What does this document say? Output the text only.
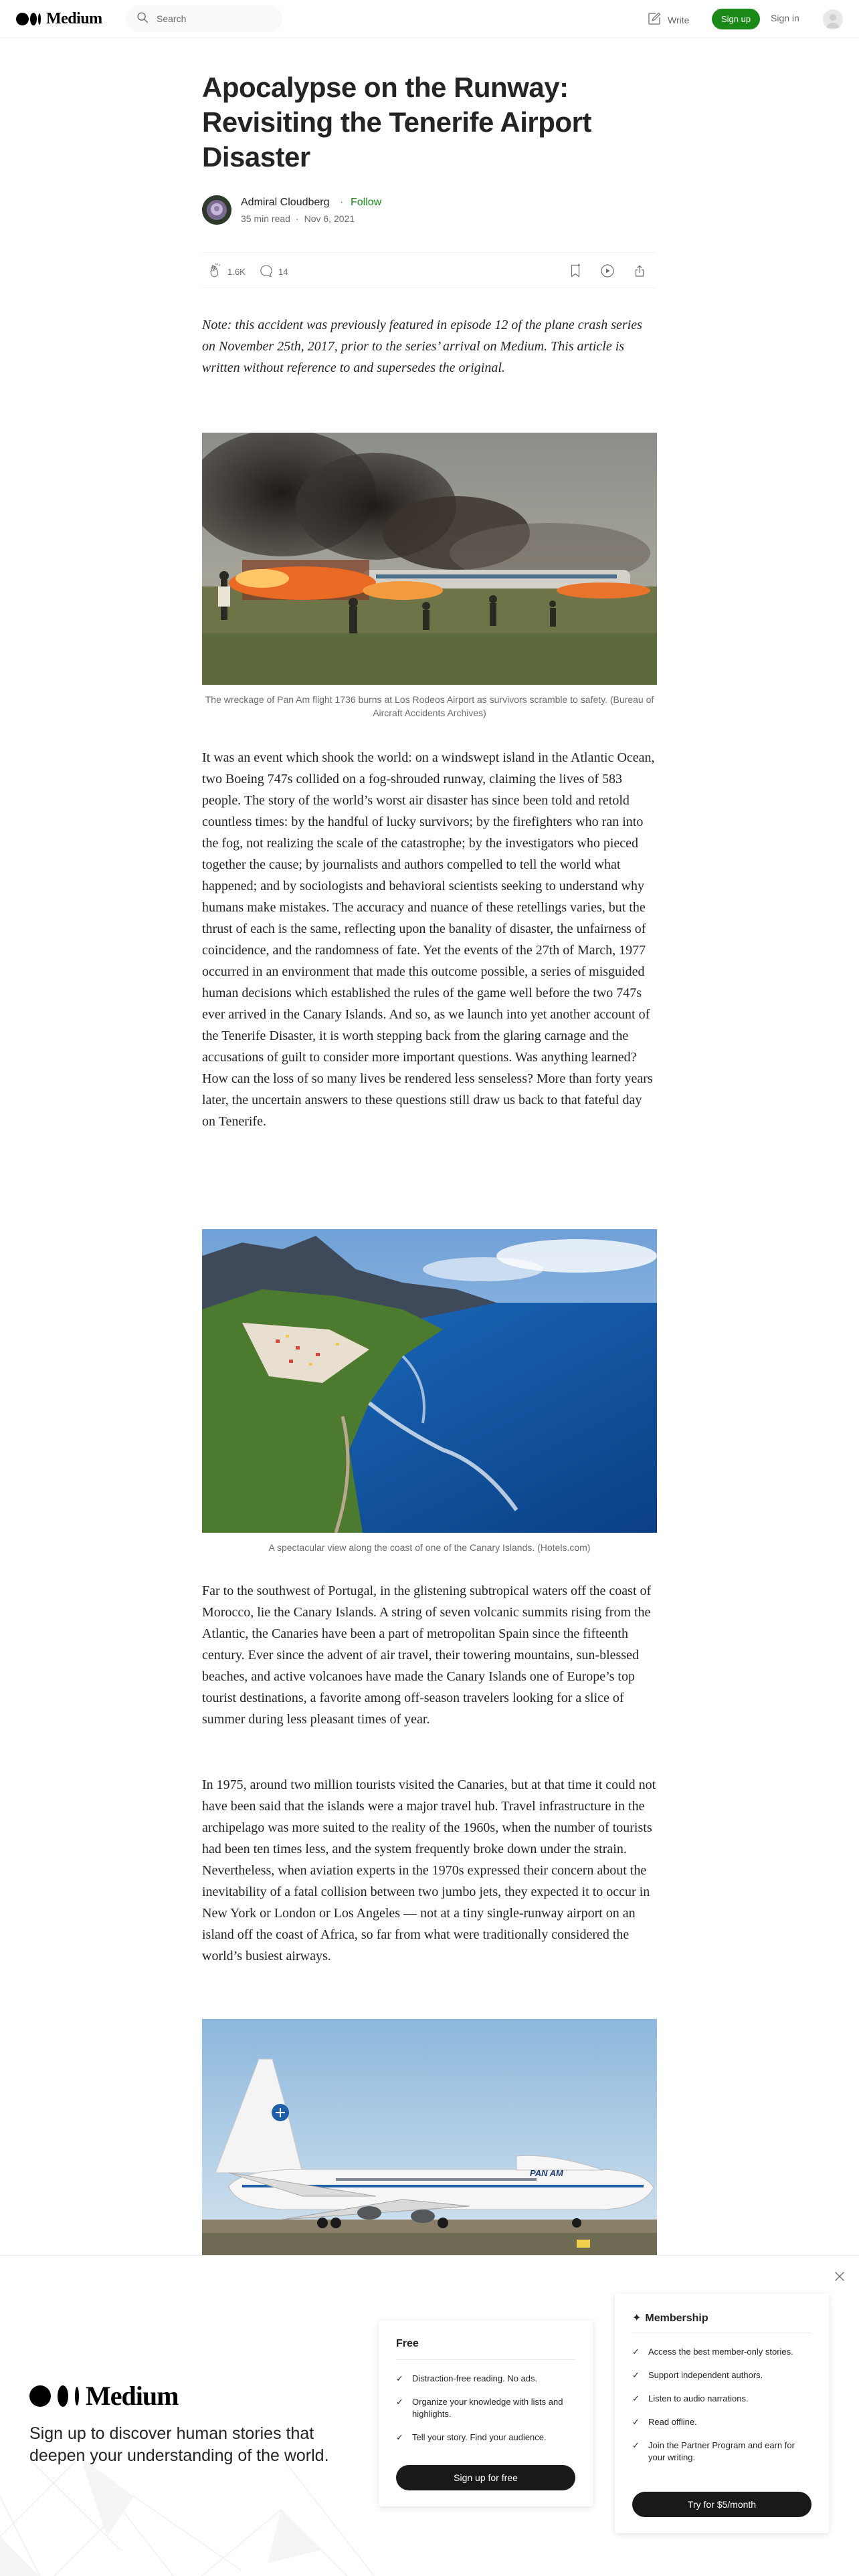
Medium
Search	Write	Sign up	Sign in
Apocalypse on the Runway: Revisiting the Tenerife Airport Disaster
Admiral Cloudberg · Follow
35 min read · Nov 6, 2021
1.6K	14

Note: this accident was previously featured in episode 12 of the plane crash series on November 25th, 2017, prior to the series’ arrival on Medium. This article is written without reference to and supersedes the original.

The wreckage of Pan Am flight 1736 burns at Los Rodeos Airport as survivors scramble to safety. (Bureau of Aircraft Accidents Archives)

It was an event which shook the world: on a windswept island in the Atlantic Ocean, two Boeing 747s collided on a fog-shrouded runway, claiming the lives of 583 people. The story of the world’s worst air disaster has since been told and retold countless times: by the handful of lucky survivors; by the firefighters who ran into the fog, not realizing the scale of the catastrophe; by the investigators who pieced together the cause; by journalists and authors compelled to tell the world what happened; and by sociologists and behavioral scientists seeking to understand why humans make mistakes. The accuracy and nuance of these retellings varies, but the thrust of each is the same, reflecting upon the banality of disaster, the unfairness of coincidence, and the randomness of fate. Yet the events of the 27th of March, 1977 occurred in an environment that made this outcome possible, a series of misguided human decisions which established the rules of the game well before the two 747s ever arrived in the Canary Islands. And so, as we launch into yet another account of the Tenerife Disaster, it is worth stepping back from the glaring carnage and the accusations of guilt to consider more important questions. Was anything learned? How can the loss of so many lives be rendered less senseless? More than forty years later, the uncertain answers to these questions still draw us back to that fateful day on Tenerife.

A spectacular view along the coast of one of the Canary Islands. (Hotels.com)

Far to the southwest of Portugal, in the glistening subtropical waters off the coast of Morocco, lie the Canary Islands. A string of seven volcanic summits rising from the Atlantic, the Canaries have been a part of metropolitan Spain since the fifteenth century. Ever since the advent of air travel, their towering mountains, sun-blessed beaches, and active volcanoes have made the Canary Islands one of Europe’s top tourist destinations, a favorite among off-season travelers looking for a slice of summer during less pleasant times of year.

In 1975, around two million tourists visited the Canaries, but at that time it could not have been said that the islands were a major travel hub. Travel infrastructure in the archipelago was more suited to the reality of the 1960s, when the number of tourists had been ten times less, and the system frequently broke down under the strain. Nevertheless, when aviation experts in the 1970s expressed their concern about the inevitability of a fatal collision between two jumbo jets, they expected it to occur in New York or London or Los Angeles — not at a tiny single-runway airport on an island off the coast of Africa, so far from what were traditionally considered the world’s busiest airways.

PAN AM
Medium

Sign up to discover human stories that deepen your understanding of the world.

Free
✓ Distraction-free reading. No ads.
✓ Organize your knowledge with lists and highlights.
✓ Tell your story. Find your audience.
Sign up for free
✦ Membership
✓ Access the best member-only stories.
✓ Support independent authors.
✓ Listen to audio narrations.
✓ Read offline.
✓ Join the Partner Program and earn for your writing.
Try for $5/month
